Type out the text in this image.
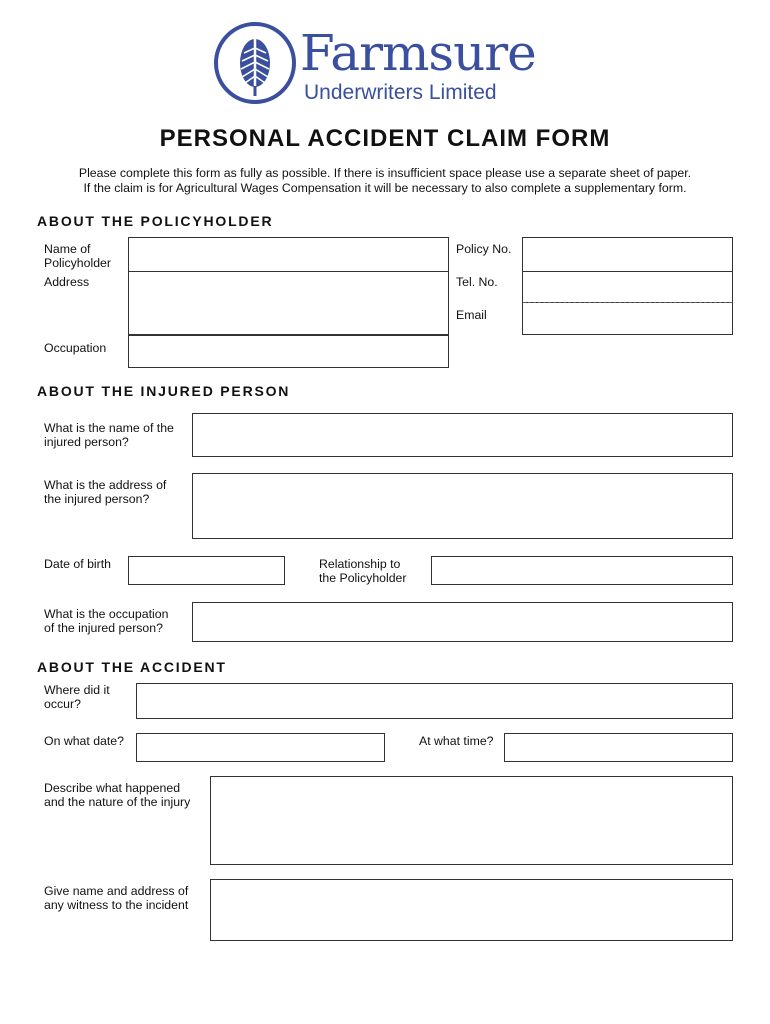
Farmsure
Underwriters Limited
PERSONAL ACCIDENT CLAIM FORM
Please complete this form as fully as possible. If there is insufficient space please use a separate sheet of paper.
If the claim is for Agricultural Wages Compensation it will be necessary to also complete a supplementary form.
ABOUT THE POLICYHOLDER
Name of
Policyholder
Address
Occupation
Policy No.
Tel. No.
Email
ABOUT THE INJURED PERSON
What is the name of the
injured person?
What is the address of
the injured person?
Date of birth	Relationship to
the Policyholder
What is the occupation
of the injured person?
ABOUT THE ACCIDENT
Where did it
occur?
On what date?	At what time?
Describe what happened
and the nature of the injury
Give name and address of
any witness to the incident
